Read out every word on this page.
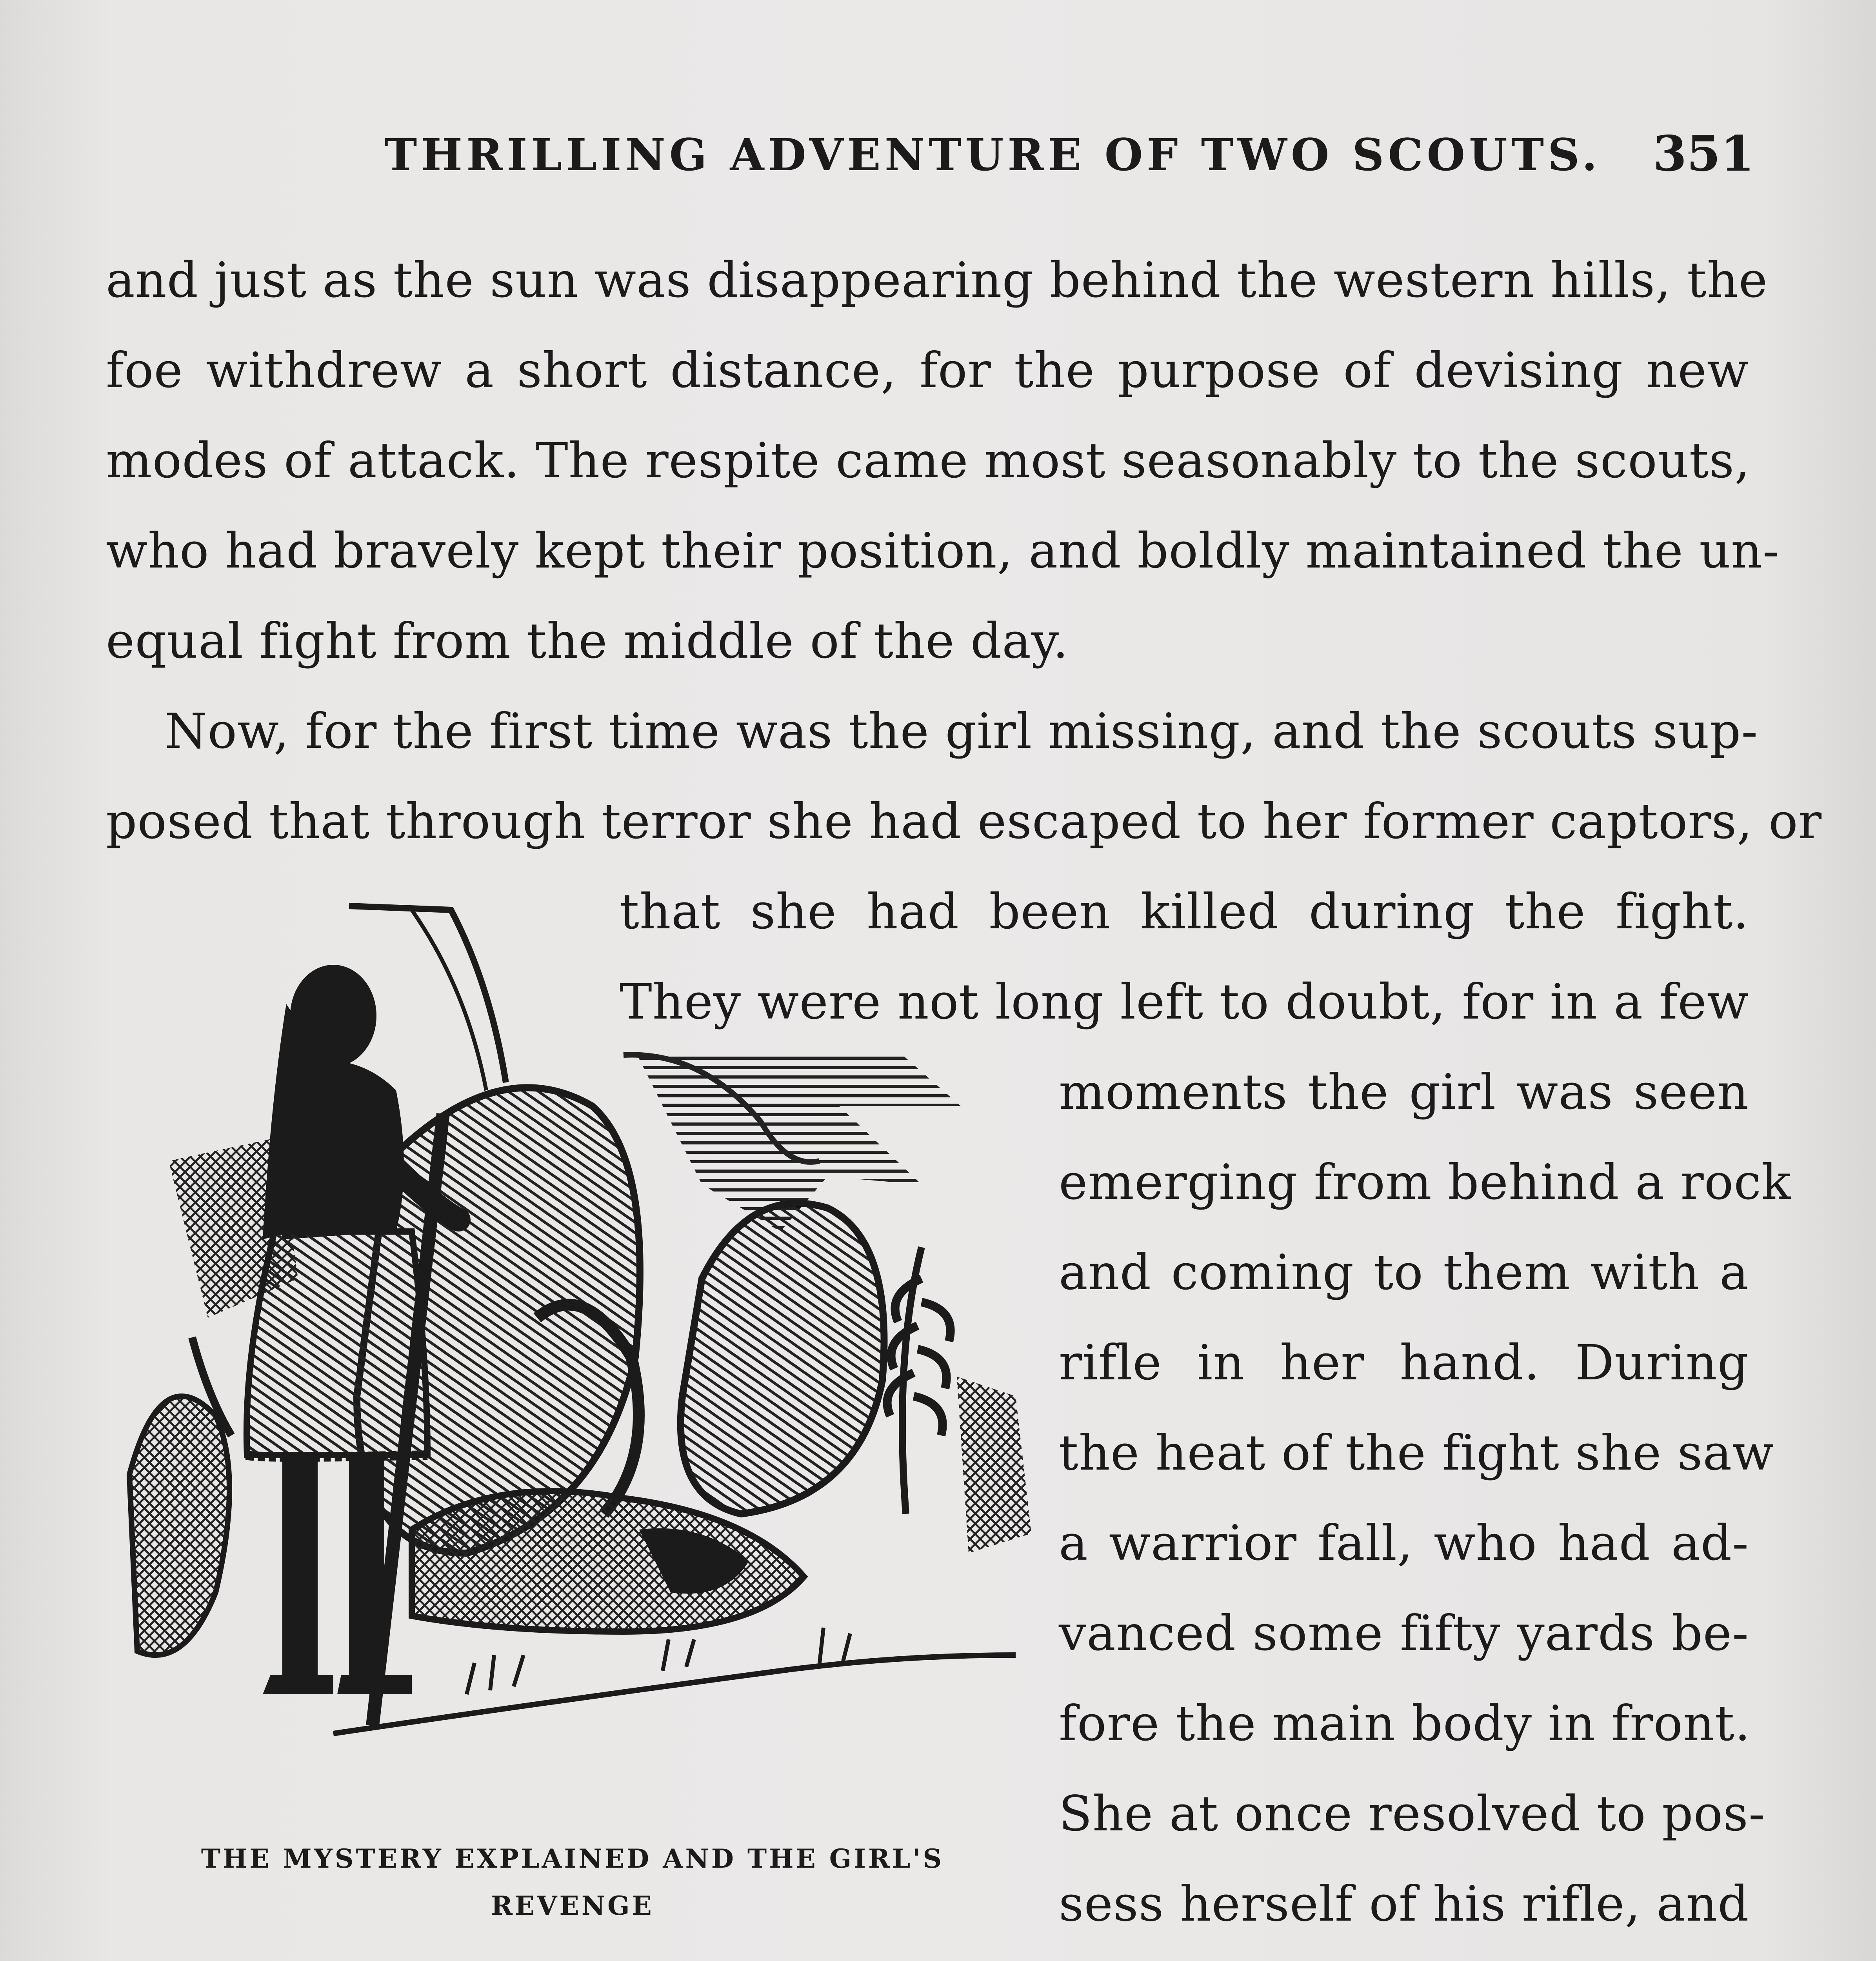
THRILLING ADVENTURE OF TWO SCOUTS. 351
and just as the sun was disappearing behind the western hills, the
foe withdrew a short distance, for the purpose of devising new
modes of attack. The respite came most seasonably to the scouts,
who had bravely kept their position, and boldly maintained the un-
equal fight from the middle of the day.
Now, for the first time was the girl missing, and the scouts sup-
posed that through terror she had escaped to her former captors, or
that she had been killed during the fight.
They were not long left to doubt, for in a few
moments the girl was seen
emerging from behind a rock
and coming to them with a
rifle in her hand. During
the heat of the fight she saw
a warrior fall, who had ad-
vanced some fifty yards be-
fore the main body in front.
She at once resolved to pos-
sess herself of his rifle, and
THE MYSTERY EXPLAINED AND THE GIRL'S
REVENGE
